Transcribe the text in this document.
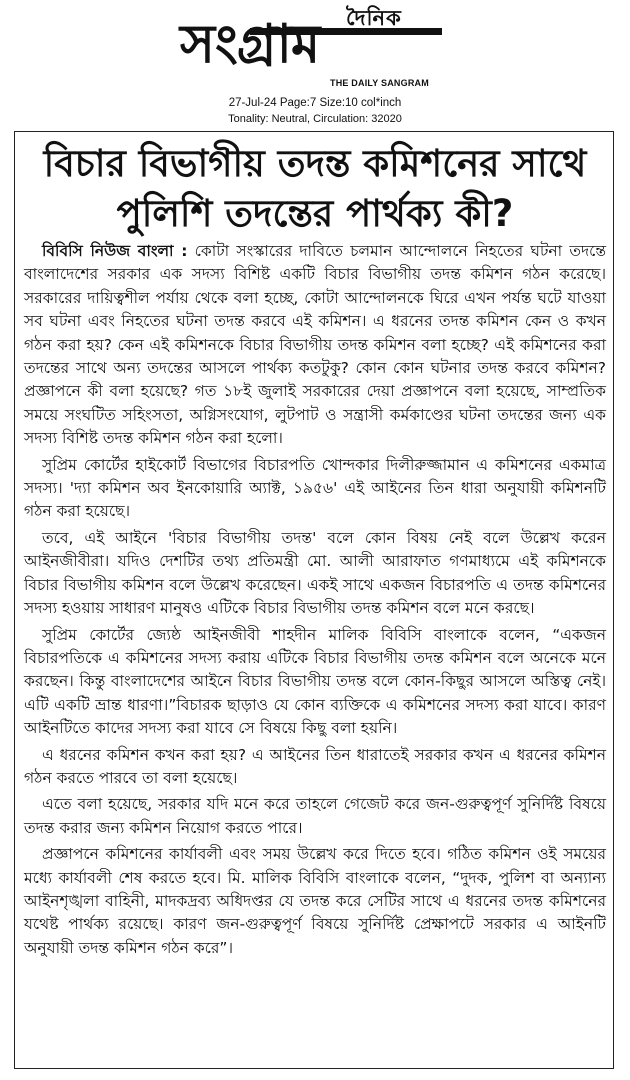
দৈনিক
সংগ্রাম
THE DAILY SANGRAM
27-Jul-24 Page:7 Size:10 col*inch
Tonality: Neutral, Circulation: 32020
বিচার বিভাগীয় তদন্ত কমিশনের সাথে
পুলিশি তদন্তের পার্থক্য কী?

বিবিসি নিউজ বাংলা : কোটা সংস্কারের দাবিতে চলমান আন্দোলনে নিহতের ঘটনা তদন্তে বাংলাদেশের সরকার এক সদস্য বিশিষ্ট একটি বিচার বিভাগীয় তদন্ত কমিশন গঠন করেছে। সরকারের দায়িত্বশীল পর্যায় থেকে বলা হচ্ছে, কোটা আন্দোলনকে ঘিরে এখন পর্যন্ত ঘটে যাওয়া সব ঘটনা এবং নিহতের ঘটনা তদন্ত করবে এই কমিশন। এ ধরনের তদন্ত কমিশন কেন ও কখন গঠন করা হয়? কেন এই কমিশনকে বিচার বিভাগীয় তদন্ত কমিশন বলা হচ্ছে? এই কমিশনের করা তদন্তের সাথে অন্য তদন্তের আসলে পার্থক্য কতটুকু? কোন কোন ঘটনার তদন্ত করবে কমিশন? প্রজ্ঞাপনে কী বলা হয়েছে? গত ১৮ই জুলাই সরকারের দেয়া প্রজ্ঞাপনে বলা হয়েছে, সাম্প্রতিক সময়ে সংঘটিত সহিংসতা, অগ্নিসংযোগ, লুটপাট ও সন্ত্রাসী কর্মকাণ্ডের ঘটনা তদন্তের জন্য এক সদস্য বিশিষ্ট তদন্ত কমিশন গঠন করা হলো।

সুপ্রিম কোর্টের হাইকোর্ট বিভাগের বিচারপতি খোন্দকার দিলীরুজ্জামান এ কমিশনের একমাত্র সদস্য। 'দ্যা কমিশন অব ইনকোয়ারি অ্যাক্ট, ১৯৫৬' এই আইনের তিন ধারা অনুযায়ী কমিশনটি গঠন করা হয়েছে।

তবে, এই আইনে 'বিচার বিভাগীয় তদন্ত' বলে কোন বিষয় নেই বলে উল্লেখ করেন আইনজীবীরা। যদিও দেশটির তথ্য প্রতিমন্ত্রী মো. আলী আরাফাত গণমাধ্যমে এই কমিশনকে বিচার বিভাগীয় কমিশন বলে উল্লেখ করেছেন। একই সাথে একজন বিচারপতি এ তদন্ত কমিশনের সদস্য হওয়ায় সাধারণ মানুষও এটিকে বিচার বিভাগীয় তদন্ত কমিশন বলে মনে করছে।

সুপ্রিম কোর্টের জ্যেষ্ঠ আইনজীবী শাহদীন মালিক বিবিসি বাংলাকে বলেন, “একজন বিচারপতিকে এ কমিশনের সদস্য করায় এটিকে বিচার বিভাগীয় তদন্ত কমিশন বলে অনেকে মনে করছেন। কিন্তু বাংলাদেশের আইনে বিচার বিভাগীয় তদন্ত বলে কোন-কিছুর আসলে অস্তিত্ব নেই। এটি একটি ভ্রান্ত ধারণা।”বিচারক ছাড়াও যে কোন ব্যক্তিকে এ কমিশনের সদস্য করা যাবে। কারণ আইনটিতে কাদের সদস্য করা যাবে সে বিষয়ে কিছু বলা হয়নি।

এ ধরনের কমিশন কখন করা হয়? এ আইনের তিন ধারাতেই সরকার কখন এ ধরনের কমিশন গঠন করতে পারবে তা বলা হয়েছে।

এতে বলা হয়েছে, সরকার যদি মনে করে তাহলে গেজেট করে জন-গুরুত্বপূর্ণ সুনির্দিষ্ট বিষয়ে তদন্ত করার জন্য কমিশন নিয়োগ করতে পারে।

প্রজ্ঞাপনে কমিশনের কার্যাবলী এবং সময় উল্লেখ করে দিতে হবে। গঠিত কমিশন ওই সময়ের মধ্যে কার্যাবলী শেষ করতে হবে। মি. মালিক বিবিসি বাংলাকে বলেন, “দুদক, পুলিশ বা অন্যান্য আইনশৃঙ্খলা বাহিনী, মাদকদ্রব্য অধিদপ্তর যে তদন্ত করে সেটির সাথে এ ধরনের তদন্ত কমিশনের যথেষ্ট পার্থক্য রয়েছে। কারণ জন-গুরুত্বপূর্ণ বিষয়ে সুনির্দিষ্ট প্রেক্ষাপটে সরকার এ আইনটি অনুযায়ী তদন্ত কমিশন গঠন করে”।
